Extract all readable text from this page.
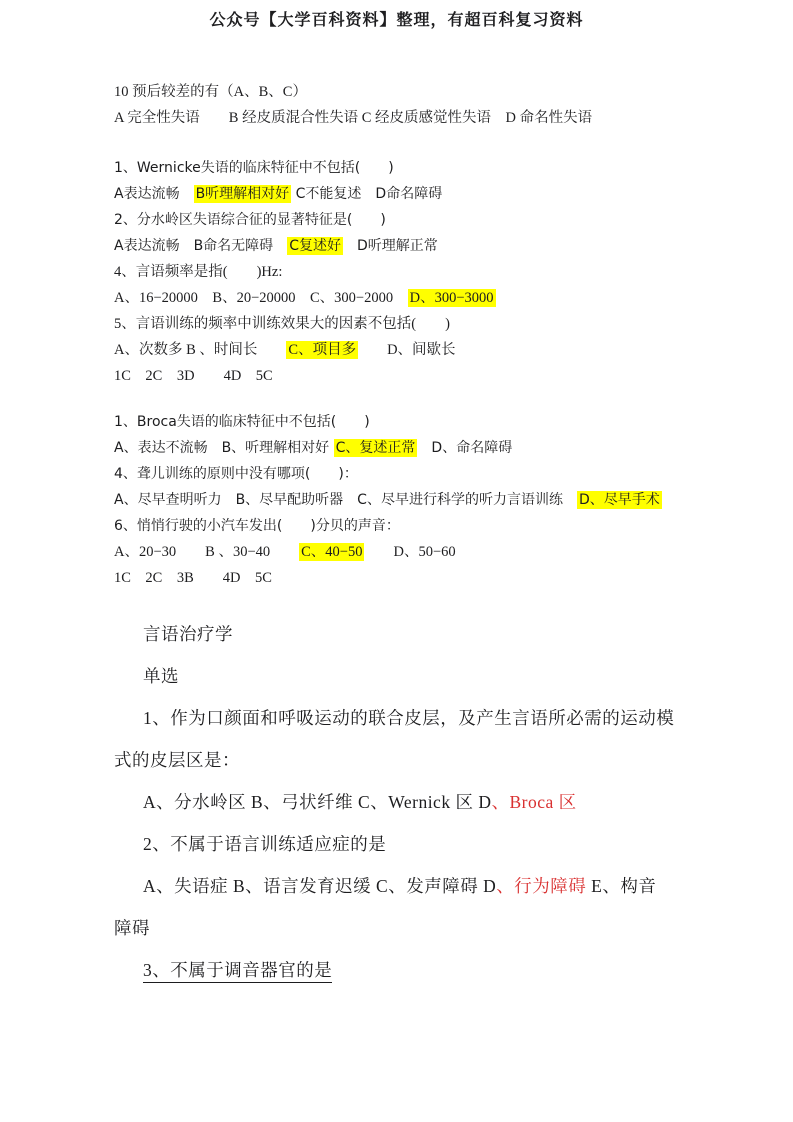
公众号【大学百科资料】整理，有超百科复习资料

10 预后较差的有（A、B、C）

A 完全性失语　　B 经皮质混合性失语 C 经皮质感觉性失语　D 命名性失语

1、Wernicke失语的临床特征中不包括(　　)

A表达流畅　B听理解相对好 C不能复述　D命名障碍

2、分水岭区失语综合征的显著特征是(　　)

A表达流畅　B命名无障碍　C复述好　D听理解正常

4、言语频率是指(　　)Hz:

A、16−20000　B、20−20000　C、300−2000　D、300−3000

5、言语训练的频率中训练效果大的因素不包括(　　)

A、次数多 B 、时间长　　C、项目多　　D、间歇长

1C　2C　3D　　4D　5C

1、Broca失语的临床特征中不包括(　　)

A、表达不流畅　B、听理解相对好 C、复述正常　D、命名障碍

4、聋儿训练的原则中没有哪项(　　)：

A、尽早查明听力　B、尽早配助听器　C、尽早进行科学的听力言语训练　D、尽早手术

6、悄悄行驶的小汽车发出(　　)分贝的声音：

A、20−30　　B 、30−40　　C、40−50　　D、50−60

1C　2C　3B　　4D　5C

言语治疗学

单选

1、作为口颜面和呼吸运动的联合皮层，及产生言语所必需的运动模

式的皮层区是：

A、分水岭区 B、弓状纤维 C、Wernick 区 D、Broca 区

2、不属于语言训练适应症的是

A、失语症 B、语言发育迟缓 C、发声障碍 D、行为障碍 E、构音

障碍

3、不属于调音器官的是
